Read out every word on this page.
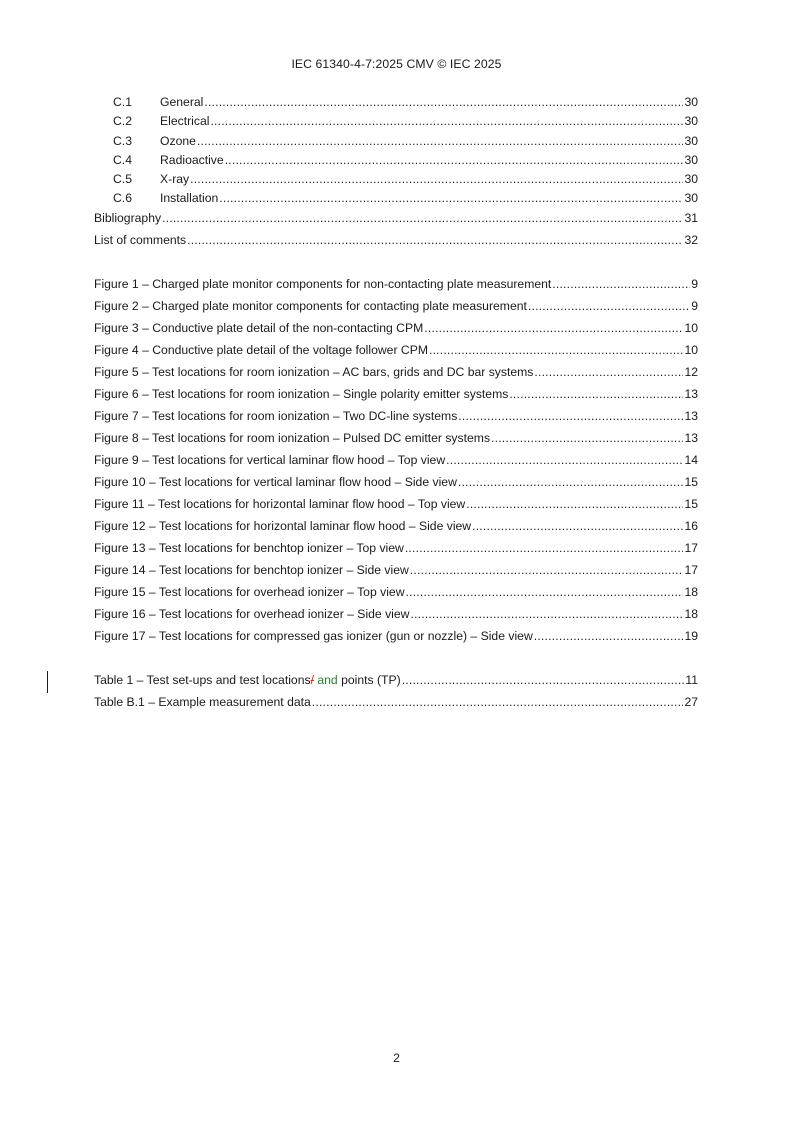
IEC 61340-4-7:2025 CMV © IEC 2025
C.1	General .....	30
C.2	Electrical .....	30
C.3	Ozone .....	30
C.4	Radioactive .....	30
C.5	X-ray .....	30
C.6	Installation .....	30
Bibliography .....	31
List of comments .....	32
Figure 1 – Charged plate monitor components for non-contacting plate measurement .....	9
Figure 2 – Charged plate monitor components for contacting plate measurement .....	9
Figure 3 – Conductive plate detail of the non-contacting CPM .....	10
Figure 4 – Conductive plate detail of the voltage follower CPM .....	10
Figure 5 – Test locations for room ionization – AC bars, grids and DC bar systems .....	12
Figure 6 – Test locations for room ionization – Single polarity emitter systems .....	13
Figure 7 – Test locations for room ionization – Two DC-line systems .....	13
Figure 8 – Test locations for room ionization – Pulsed DC emitter systems .....	13
Figure 9 – Test locations for vertical laminar flow hood – Top view .....	14
Figure 10 – Test locations for vertical laminar flow hood – Side view .....	15
Figure 11 – Test locations for horizontal laminar flow hood – Top view .....	15
Figure 12 – Test locations for horizontal laminar flow hood – Side view .....	16
Figure 13 – Test locations for benchtop ionizer – Top view .....	17
Figure 14 – Test locations for benchtop ionizer – Side view .....	17
Figure 15 – Test locations for overhead ionizer – Top view .....	18
Figure 16 – Test locations for overhead ionizer – Side view .....	18
Figure 17 – Test locations for compressed gas ionizer (gun or nozzle) – Side view .....	19
Table 1 – Test set-ups and test locations/ and points (TP) .....	11
Table B.1 – Example measurement data .....	27
2
